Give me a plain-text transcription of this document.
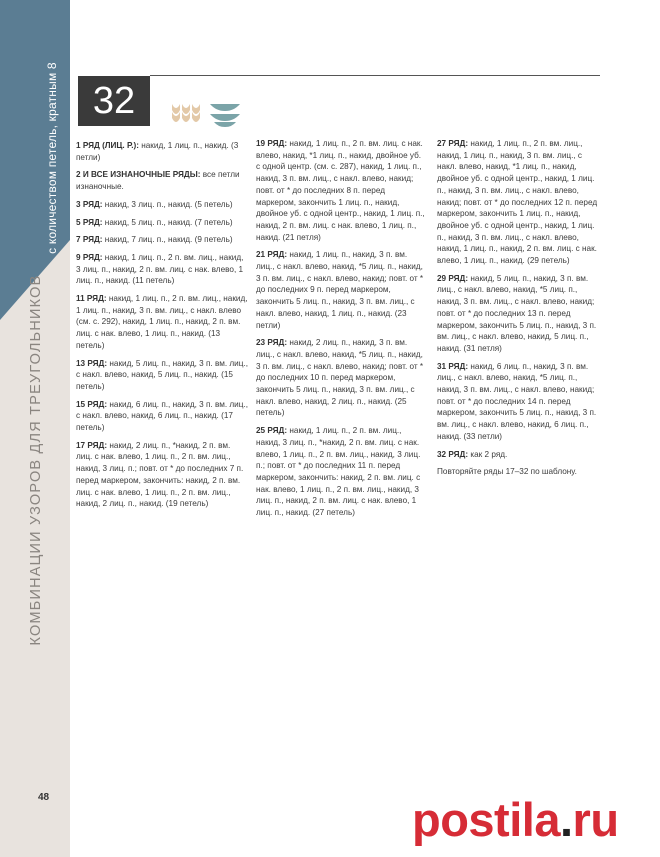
с количеством петель, кратным 8
КОМБИНАЦИИ УЗОРОВ ДЛЯ ТРЕУГОЛЬНИКОВ
48
32

1 РЯД (ЛИЦ. Р.): накид, 1 лиц. п., накид. (3 петли)

2 И ВСЕ ИЗНАНОЧНЫЕ РЯДЫ: все петли изнаночные.

3 РЯД: накид, 3 лиц. п., накид. (5 петель)

5 РЯД: накид, 5 лиц. п., накид. (7 петель)

7 РЯД: накид, 7 лиц. п., накид. (9 петель)

9 РЯД: накид, 1 лиц. п., 2 п. вм. лиц., накид, 3 лиц. п., накид, 2 п. вм. лиц. с нак. влево, 1 лиц. п., накид. (11 петель)

11 РЯД: накид, 1 лиц. п., 2 п. вм. лиц., накид, 1 лиц. п., накид, 3 п. вм. лиц., с накл. влево (см. с. 292), накид, 1 лиц. п., накид, 2 п. вм. лиц. с нак. влево, 1 лиц. п., накид. (13 петель)

13 РЯД: накид, 5 лиц. п., накид, 3 п. вм. лиц., с накл. влево, накид, 5 лиц. п., накид. (15 петель)

15 РЯД: накид, 6 лиц. п., накид, 3 п. вм. лиц., с накл. влево, накид, 6 лиц. п., накид. (17 петель)

17 РЯД: накид, 2 лиц. п., *накид, 2 п. вм. лиц. с нак. влево, 1 лиц. п., 2 п. вм. лиц., накид, 3 лиц. п.; повт. от * до последних 7 п. перед маркером, закончить: накид, 2 п. вм. лиц. с нак. влево, 1 лиц. п., 2 п. вм. лиц., накид, 2 лиц. п., накид. (19 петель)

19 РЯД: накид, 1 лиц. п., 2 п. вм. лиц. с нак. влево, накид, *1 лиц. п., накид, двойное уб. с одной центр. (см. с. 287), накид, 1 лиц. п., накид, 3 п. вм. лиц., с накл. влево, накид; повт. от * до последних 8 п. перед маркером, закончить 1 лиц. п., накид, двойное уб. с одной центр., накид, 1 лиц. п., накид, 2 п. вм. лиц. с нак. влево, 1 лиц. п., накид. (21 петля)

21 РЯД: накид, 1 лиц. п., накид, 3 п. вм. лиц., с накл. влево, накид, *5 лиц. п., накид, 3 п. вм. лиц., с накл. влево, накид; повт. от * до последних 9 п. перед маркером, закончить 5 лиц. п., накид, 3 п. вм. лиц., с накл. влево, накид, 1 лиц. п., накид. (23 петли)

23 РЯД: накид, 2 лиц. п., накид, 3 п. вм. лиц., с накл. влево, накид, *5 лиц. п., накид, 3 п. вм. лиц., с накл. влево, накид; повт. от * до последних 10 п. перед маркером, закончить 5 лиц. п., накид, 3 п. вм. лиц., с накл. влево, накид, 2 лиц. п., накид. (25 петель)

25 РЯД: накид, 1 лиц. п., 2 п. вм. лиц., накид, 3 лиц. п., *накид, 2 п. вм. лиц. с нак. влево, 1 лиц. п., 2 п. вм. лиц., накид, 3 лиц. п.; повт. от * до последних 11 п. перед маркером, закончить: накид, 2 п. вм. лиц. с нак. влево, 1 лиц. п., 2 п. вм. лиц., накид, 3 лиц. п., накид, 2 п. вм. лиц. с нак. влево, 1 лиц. п., накид. (27 петель)

27 РЯД: накид, 1 лиц. п., 2 п. вм. лиц., накид, 1 лиц. п., накид, 3 п. вм. лиц., с накл. влево, накид, *1 лиц. п., накид, двойное уб. с одной центр., накид, 1 лиц. п., накид, 3 п. вм. лиц., с накл. влево, накид; повт. от * до последних 12 п. перед маркером, закончить 1 лиц. п., накид, двойное уб. с одной центр., накид, 1 лиц. п., накид, 3 п. вм. лиц., с накл. влево, накид, 1 лиц. п., накид, 2 п. вм. лиц. с нак. влево, 1 лиц. п., накид. (29 петель)

29 РЯД: накид, 5 лиц. п., накид, 3 п. вм. лиц., с накл. влево, накид, *5 лиц. п., накид, 3 п. вм. лиц., с накл. влево, накид; повт. от * до последних 13 п. перед маркером, закончить 5 лиц. п., накид, 3 п. вм. лиц., с накл. влево, накид, 5 лиц. п., накид. (31 петля)

31 РЯД: накид, 6 лиц. п., накид, 3 п. вм. лиц., с накл. влево, накид, *5 лиц. п., накид, 3 п. вм. лиц., с накл. влево, накид; повт. от * до последних 14 п. перед маркером, закончить 5 лиц. п., накид, 3 п. вм. лиц., с накл. влево, накид, 6 лиц. п., накид. (33 петли)

32 РЯД: как 2 ряд.

Повторяйте ряды 17–32 по шаблону.

postila.ru
